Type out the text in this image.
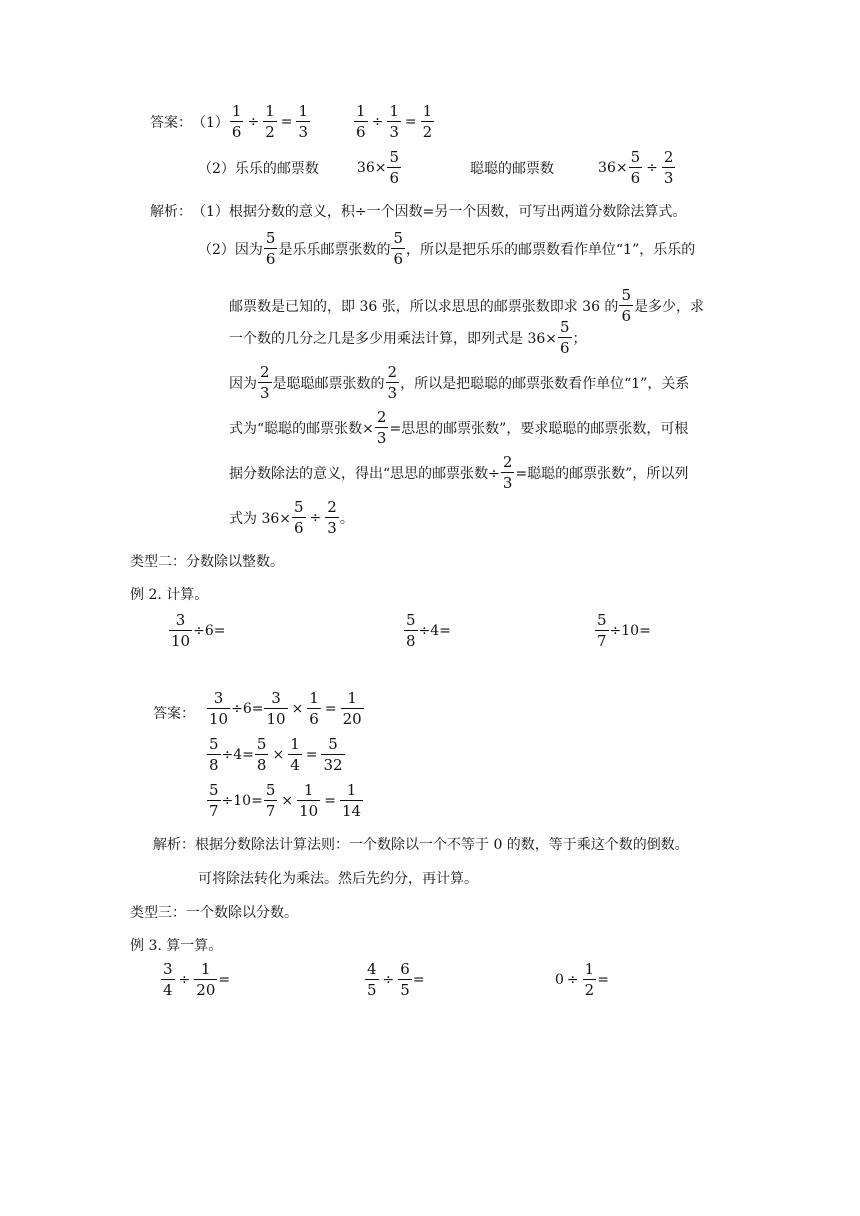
答案： $(1) \frac{1}{6} \div \frac{1}{2} = \frac{1}{3}$	$\frac{1}{6} \div \frac{1}{3} = \frac{1}{2}$
（2） 乐乐的邮票数	$36 \times \frac{5}{6}$	聪聪的邮票数	$36 \times \frac{5}{6} \div \frac{2}{3}$
解析： （1）根据分数的意义，积÷一个因数=另一个因数，可写出两道分数除法算式。
（2）因为 $\frac{5}{6}$ 是乐乐邮票张数的 $\frac{5}{6}$ ，所以是把乐乐的邮票数看作单位“1”，乐乐的
邮票数是已知的，即 36 张，所以求思思的邮票张数即求 36 的 $\frac{5}{6}$ 是多少，求
一个数的几分之几是多少用乘法计算，即列式是 $36\times \frac{5}{6}$ ；
因为 $\frac{2}{3}$ 是聪聪邮票张数的 $\frac{2}{3}$ ，所以是把聪聪的邮票张数看作单位“1”，关系
式为“聪聪的邮票张数× $\frac{2}{3}$ =思思的邮票张数”，要求聪聪的邮票张数，可根
据分数除法的意义，得出“思思的邮票张数÷ $\frac{2}{3}$ =聪聪的邮票张数”，所以列
式为 $36\times \frac{5}{6} \div \frac{2}{3}$ 。
类型二：分数除以整数。
例 2. 计算。
$\frac{3}{10} \div 6=$	$\frac{5}{8} \div 4=$	$\frac{5}{7} \div 10=$
答案： $\frac{3}{10} \div 6= \frac{3}{10} \times \frac{1}{6} = \frac{1}{20}$
$\frac{5}{8} \div 4= \frac{5}{8} \times \frac{1}{4} = \frac{5}{32}$
$\frac{5}{7} \div 10= \frac{5}{7} \times \frac{1}{10} = \frac{1}{14}$
解析： 根据分数除法计算法则：一个数除以一个不等于 0 的数，等于乘这个数的倒数。
可将除法转化为乘法。然后先约分，再计算。
类型三：一个数除以分数。
例 3. 算一算。
$\frac{3}{4} \div \frac{1}{20}$ =	$\frac{4}{5} \div \frac{6}{5}$ =	$0 \div \frac{1}{2}$ =
